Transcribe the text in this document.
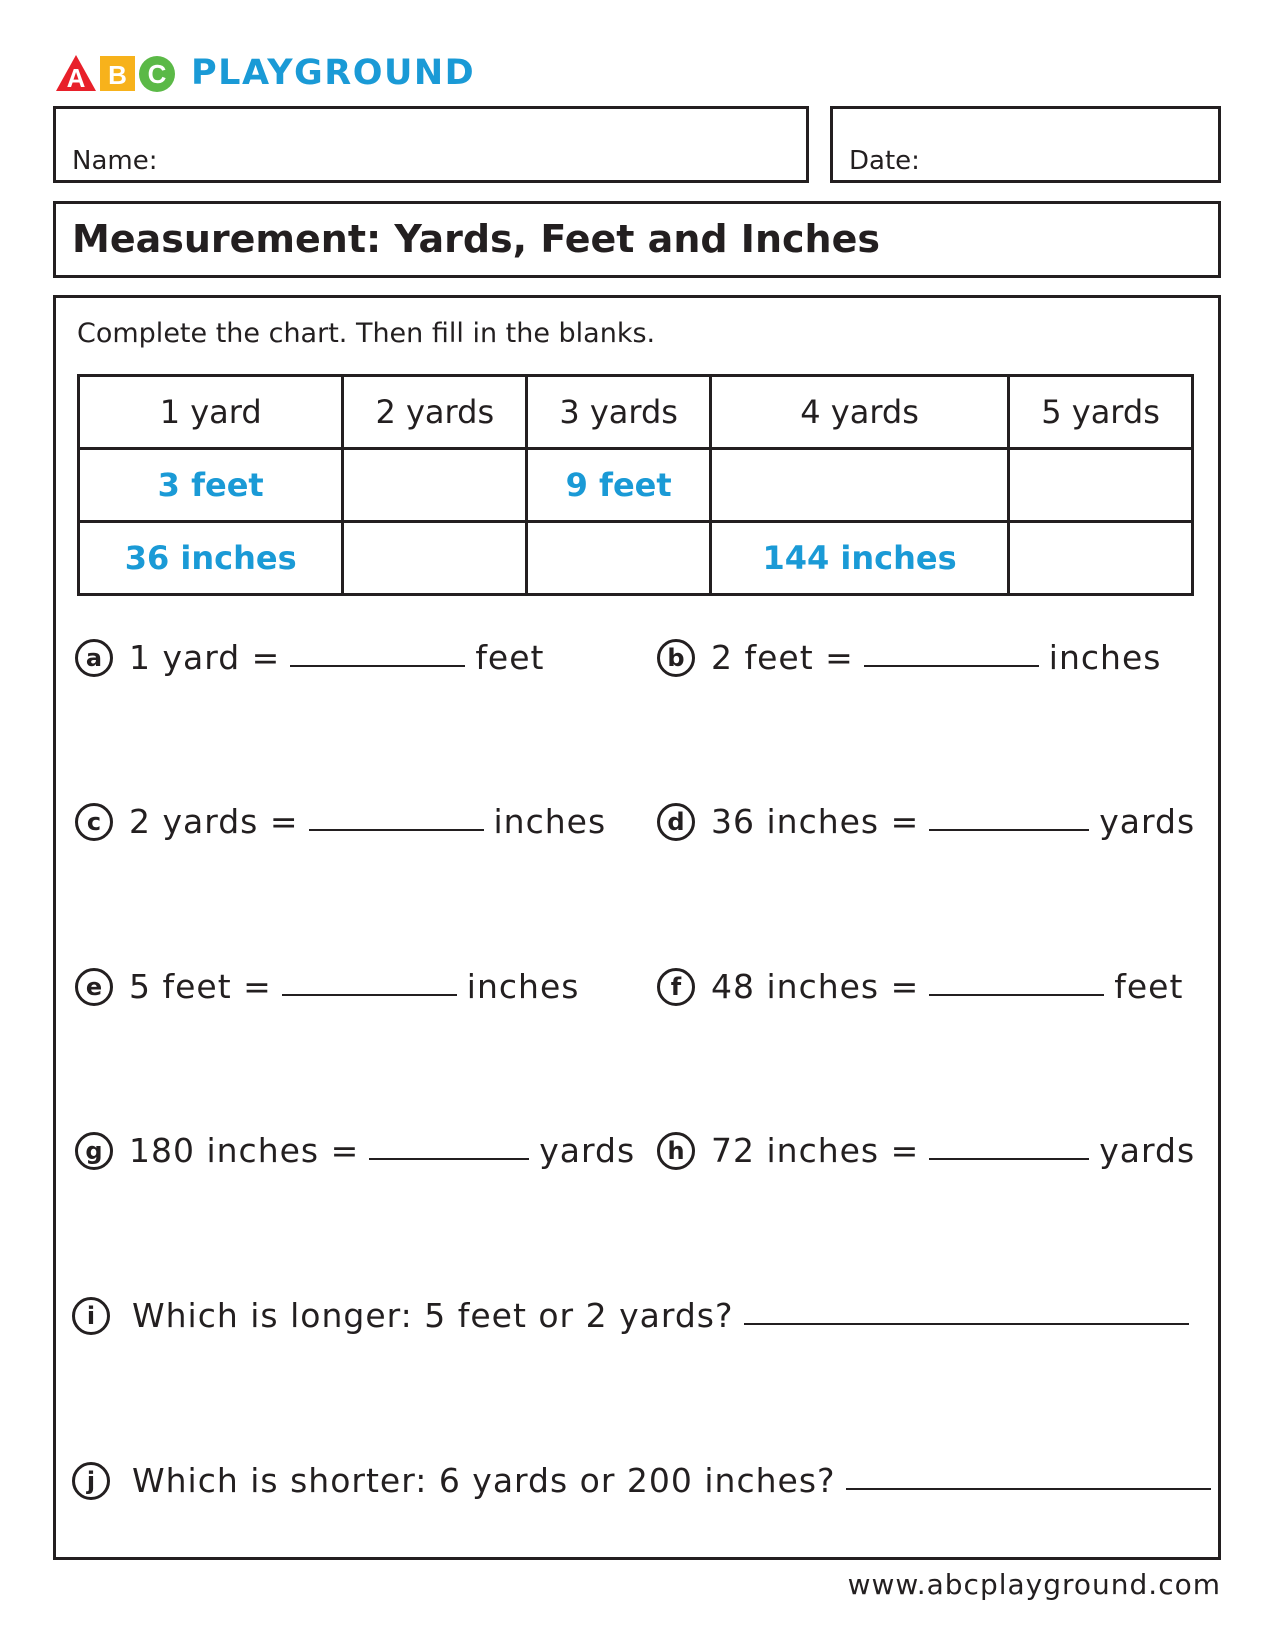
A B C PLAYGROUND
Name:	Date:
Measurement: Yards, Feet and Inches
Complete the chart. Then fill in the blanks.
1 yard	2 yards	3 yards	4 yards	5 yards
3 feet		9 feet		
36 inches			144 inches	
a 1 yard =	feet	b 2 feet =	inches
c 2 yards =	inches	d 36 inches =	yards
e 5 feet =	inches	f 48 inches =	feet
g 180 inches =	yards	h 72 inches =	yards
i	Which is longer: 5 feet or 2 yards?
j	Which is shorter: 6 yards or 200 inches?
www.abcplayground.com
